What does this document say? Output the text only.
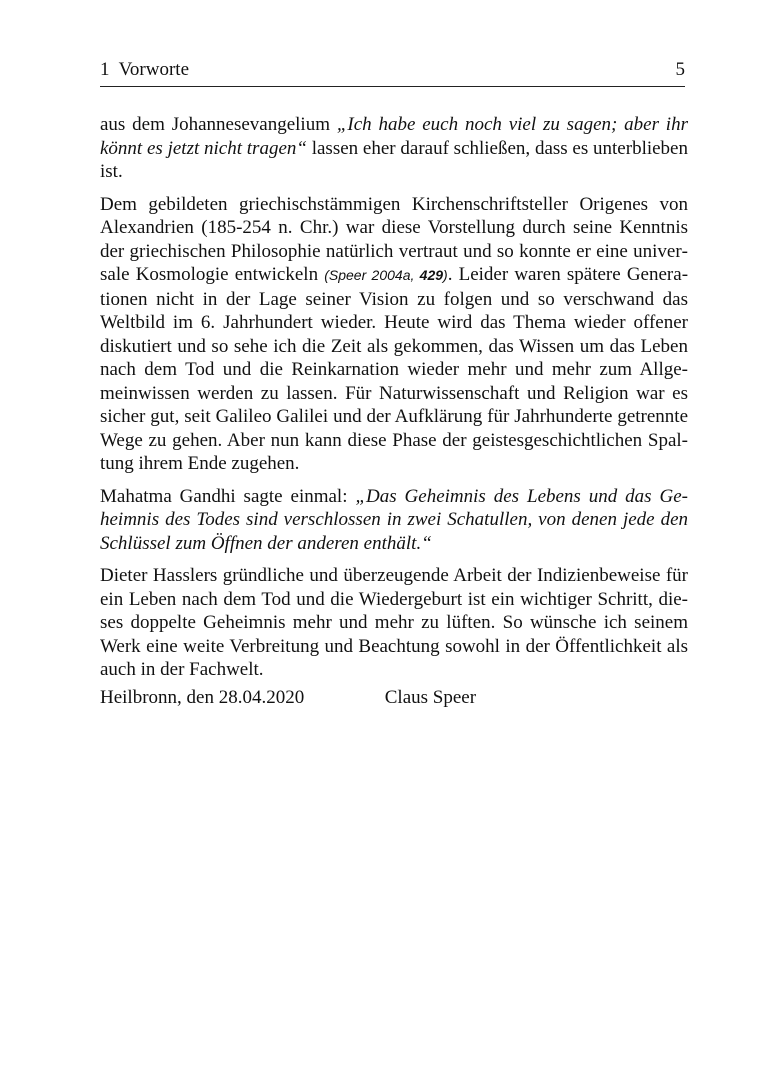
1  Vorworte	5

aus dem Johannesevangelium „Ich habe euch noch viel zu sagen; aber ihr könnt es jetzt nicht tragen“ lassen eher darauf schließen, dass es unterblieben ist.

Dem gebildeten griechischstämmigen Kirchenschriftsteller Origenes von Alexandrien (185-254 n. Chr.) war diese Vorstellung durch seine Kenntnis der griechischen Philosophie natürlich vertraut und so konnte er eine universale Kosmologie entwickeln (Speer 2004a, 429). Leider waren spätere Generationen nicht in der Lage seiner Vision zu folgen und so verschwand das Weltbild im 6. Jahrhundert wieder. Heute wird das Thema wieder offener diskutiert und so sehe ich die Zeit als gekommen, das Wissen um das Leben nach dem Tod und die Reinkarnation wieder mehr und mehr zum Allgemeinwissen werden zu lassen. Für Naturwissenschaft und Religion war es sicher gut, seit Galileo Galilei und der Aufklärung für Jahrhunderte getrennte Wege zu gehen. Aber nun kann diese Phase der geistesgeschichtlichen Spaltung ihrem Ende zugehen.

Mahatma Gandhi sagte einmal: „Das Geheimnis des Lebens und das Geheimnis des Todes sind verschlossen in zwei Schatullen, von denen jede den Schlüssel zum Öffnen der anderen enthält.“

Dieter Hasslers gründliche und überzeugende Arbeit der Indizienbeweise für ein Leben nach dem Tod und die Wiedergeburt ist ein wichtiger Schritt, dieses doppelte Geheimnis mehr und mehr zu lüften. So wünsche ich seinem Werk eine weite Verbreitung und Beachtung sowohl in der Öffentlichkeit als auch in der Fachwelt.

Heilbronn, den 28.04.2020	Claus Speer
